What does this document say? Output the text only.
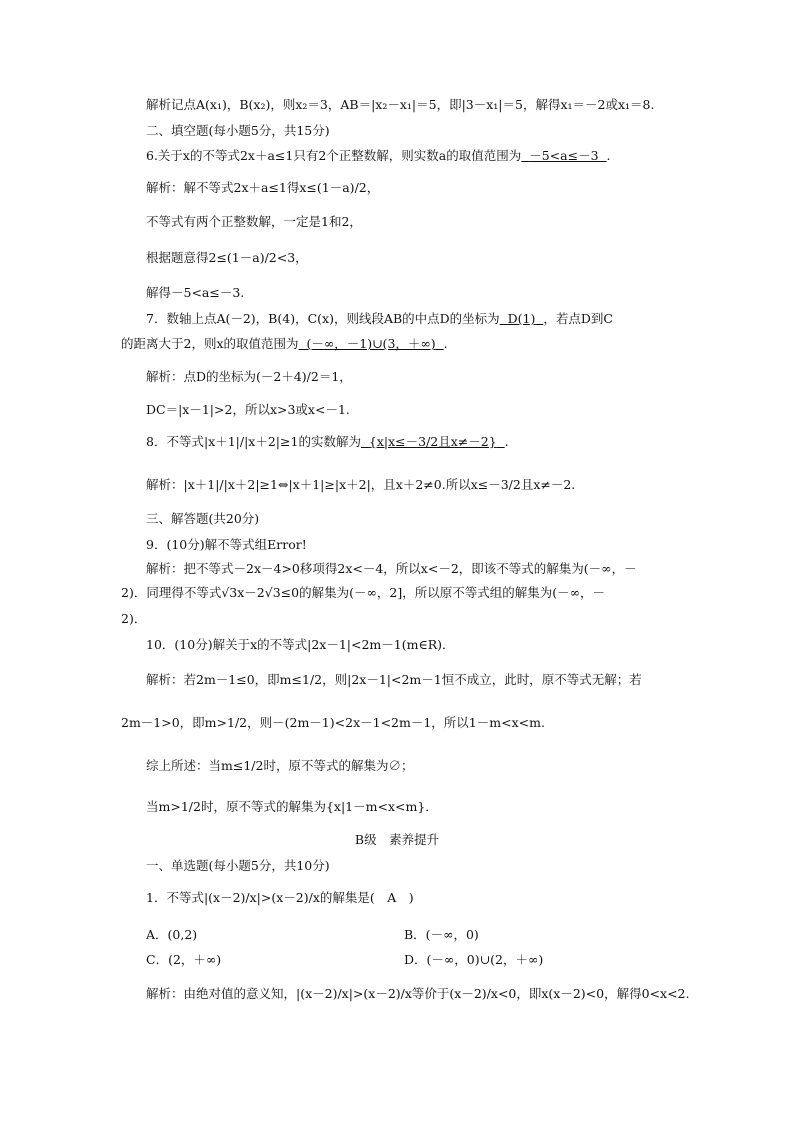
解析记点A(x₁)，B(x₂)，则x₂＝3，AB＝|x₂－x₁|＝5，即|3－x₁|＝5，解得x₁＝－2或x₁＝8.
二、填空题(每小题5分，共15分)
6.关于x的不等式2x＋a≤1只有2个正整数解，则实数a的取值范围为 －5<a≤－3 .
解析：解不等式2x＋a≤1得x≤(1－a)/2，
不等式有两个正整数解，一定是1和2，
根据题意得2≤(1－a)/2<3，
解得－5<a≤－3.
7．数轴上点A(－2)，B(4)，C(x)，则线段AB的中点D的坐标为 D(1) ，若点D到C
的距离大于2，则x的取值范围为 (－∞，－1)∪(3，＋∞) .
解析：点D的坐标为(－2＋4)/2＝1，
DC＝|x－1|>2，所以x>3或x<－1.
8．不等式|x＋1|/|x＋2|≥1的实数解为 {x|x≤－3/2且x≠－2} .
解析：|x＋1|/|x＋2|≥1⇔|x＋1|≥|x＋2|，且x＋2≠0.所以x≤－3/2且x≠－2.
三、解答题(共20分)
9．(10分)解不等式组Error!
解析：把不等式－2x－4>0移项得2x<－4，所以x<－2，即该不等式的解集为(－∞，－
2)．同理得不等式√3x－2√3≤0的解集为(－∞，2]，所以原不等式组的解集为(－∞，－
2)．
10．(10分)解关于x的不等式|2x－1|<2m－1(m∈R)．
解析：若2m－1≤0，即m≤1/2，则|2x－1|<2m－1恒不成立，此时，原不等式无解；若
2m－1>0，即m>1/2，则－(2m－1)<2x－1<2m－1，所以1－m<x<m.
综上所述：当m≤1/2时，原不等式的解集为∅；
当m>1/2时，原不等式的解集为{x|1－m<x<m}．
B级　素养提升
一、单选题(每小题5分，共10分)
1．不等式|(x－2)/x|>(x－2)/x的解集是(　A　)
A．(0,2)	B．(－∞，0)
C．(2，＋∞)	D．(－∞，0)∪(2，＋∞)
解析：由绝对值的意义知，|(x－2)/x|>(x－2)/x等价于(x－2)/x<0，即x(x－2)<0，解得0<x<2.
